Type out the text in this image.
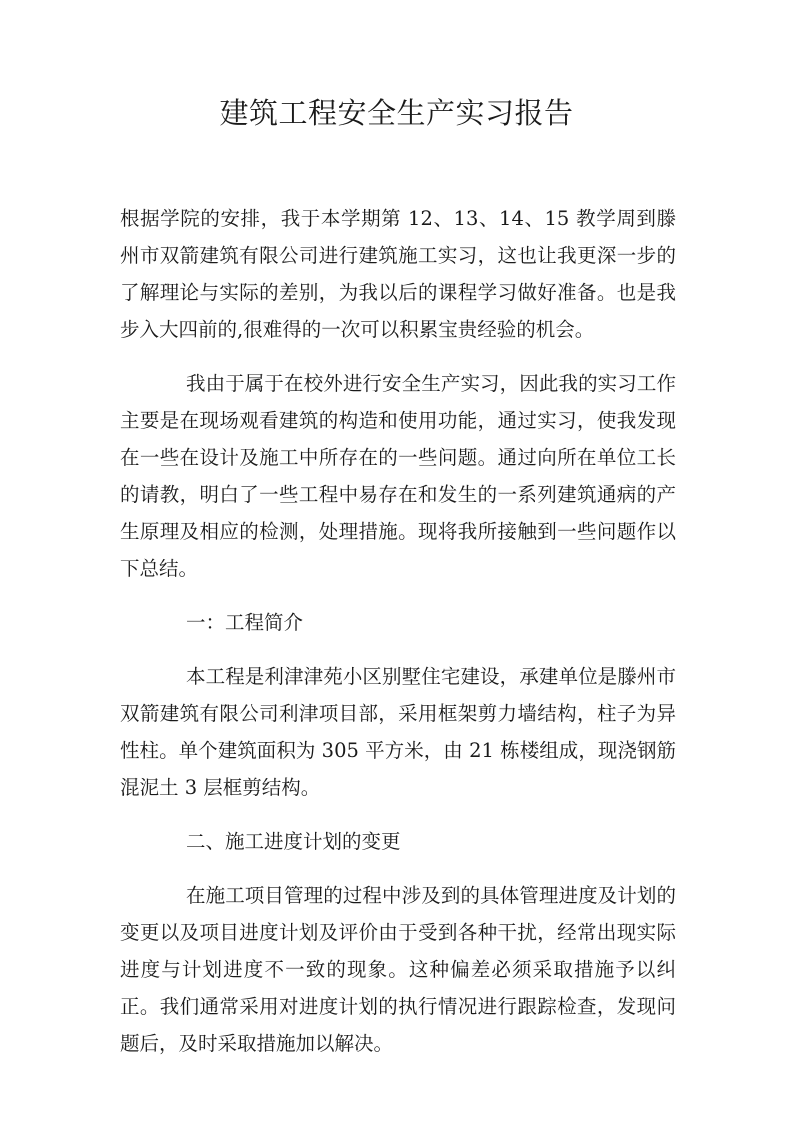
建筑工程安全生产实习报告

根据学院的安排，我于本学期第 12、13、14、15 教学周到滕州市双箭建筑有限公司进行建筑施工实习，这也让我更深一步的了解理论与实际的差别，为我以后的课程学习做好准备。也是我步入大四前的,很难得的一次可以积累宝贵经验的机会。

我由于属于在校外进行安全生产实习，因此我的实习工作主要是在现场观看建筑的构造和使用功能，通过实习，使我发现在一些在设计及施工中所存在的一些问题。通过向所在单位工长的请教，明白了一些工程中易存在和发生的一系列建筑通病的产生原理及相应的检测，处理措施。现将我所接触到一些问题作以下总结。

一：工程简介

本工程是利津津苑小区别墅住宅建设，承建单位是滕州市双箭建筑有限公司利津项目部，采用框架剪力墙结构，柱子为异性柱。单个建筑面积为 305 平方米，由 21 栋楼组成，现浇钢筋混泥土 3 层框剪结构。

二、施工进度计划的变更

在施工项目管理的过程中涉及到的具体管理进度及计划的变更以及项目进度计划及评价由于受到各种干扰，经常出现实际进度与计划进度不一致的现象。这种偏差必须采取措施予以纠正。我们通常采用对进度计划的执行情况进行跟踪检查，发现问题后，及时采取措施加以解决。
